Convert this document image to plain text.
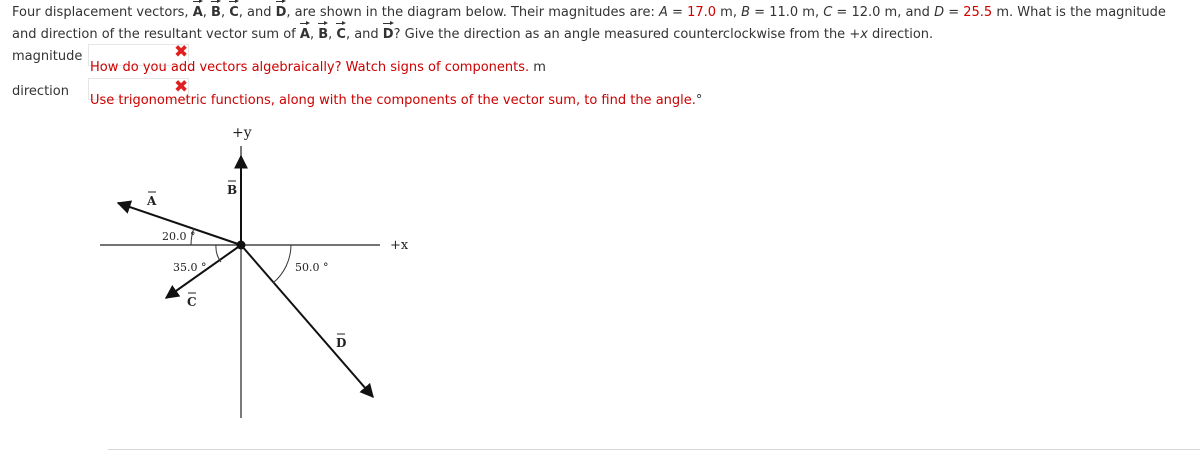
Four displacement vectors, A, B, C, and D, are shown in the diagram below. Their magnitudes are: A = 17.0 m, B = 11.0 m, C = 12.0 m, and D = 25.5 m. What is the magnitude and direction of the resultant vector sum of A, B, C, and D? Give the direction as an angle measured counterclockwise from the +x direction.
magnitude	✖
How do you add vectors algebraically? Watch signs of components. m
direction	✖
Use trigonometric functions, along with the components of the vector sum, to find the angle.°
+y
+x
B
A
C
D
20.0 °
35.0 °	50.0 °
